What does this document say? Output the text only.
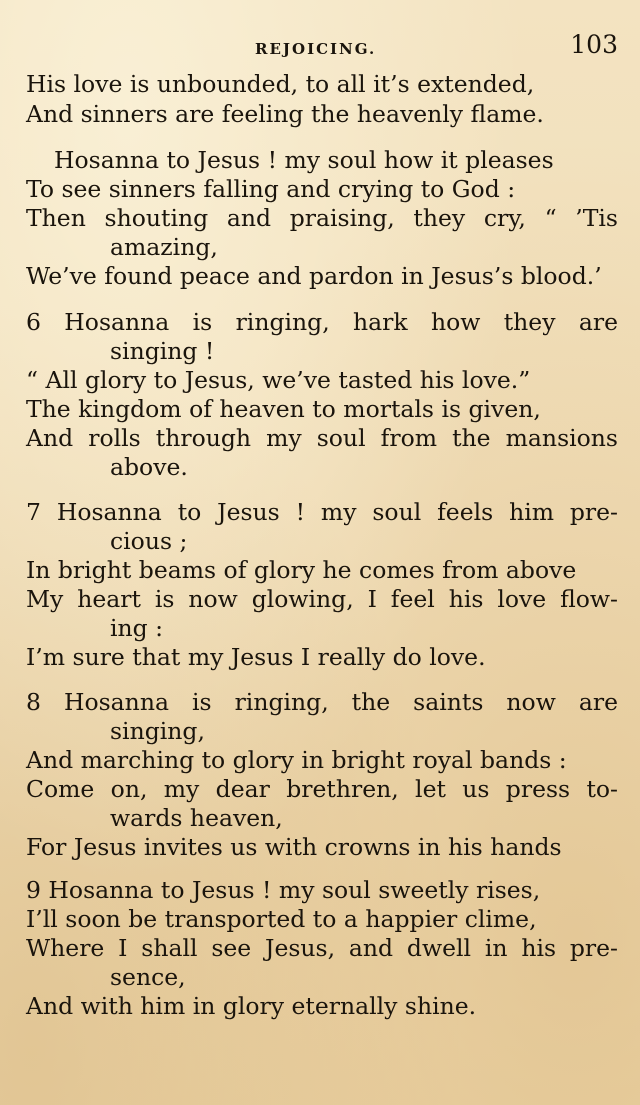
REJOICING.	103
His love is unbounded, to all it’s extended,
And sinners are feeling the heavenly flame.
Hosanna to Jesus ! my soul how it pleases
To see sinners falling and crying to God :
Then shouting and praising, they cry, “ ’Tis
amazing,
We’ve found peace and pardon in Jesus’s blood.’
6 Hosanna is ringing, hark how they are
singing !
“ All glory to Jesus, we’ve tasted his love.”
The kingdom of heaven to mortals is given,
And rolls through my soul from the mansions
above.
7 Hosanna to Jesus ! my soul feels him pre-
cious ;
In bright beams of glory he comes from above
My heart is now glowing, I feel his love flow-
ing :
I’m sure that my Jesus I really do love.
8 Hosanna is ringing, the saints now are
singing,
And marching to glory in bright royal bands :
Come on, my dear brethren, let us press to-
wards heaven,
For Jesus invites us with crowns in his hands
9 Hosanna to Jesus ! my soul sweetly rises,
I’ll soon be transported to a happier clime,
Where I shall see Jesus, and dwell in his pre-
sence,
And with him in glory eternally shine.
